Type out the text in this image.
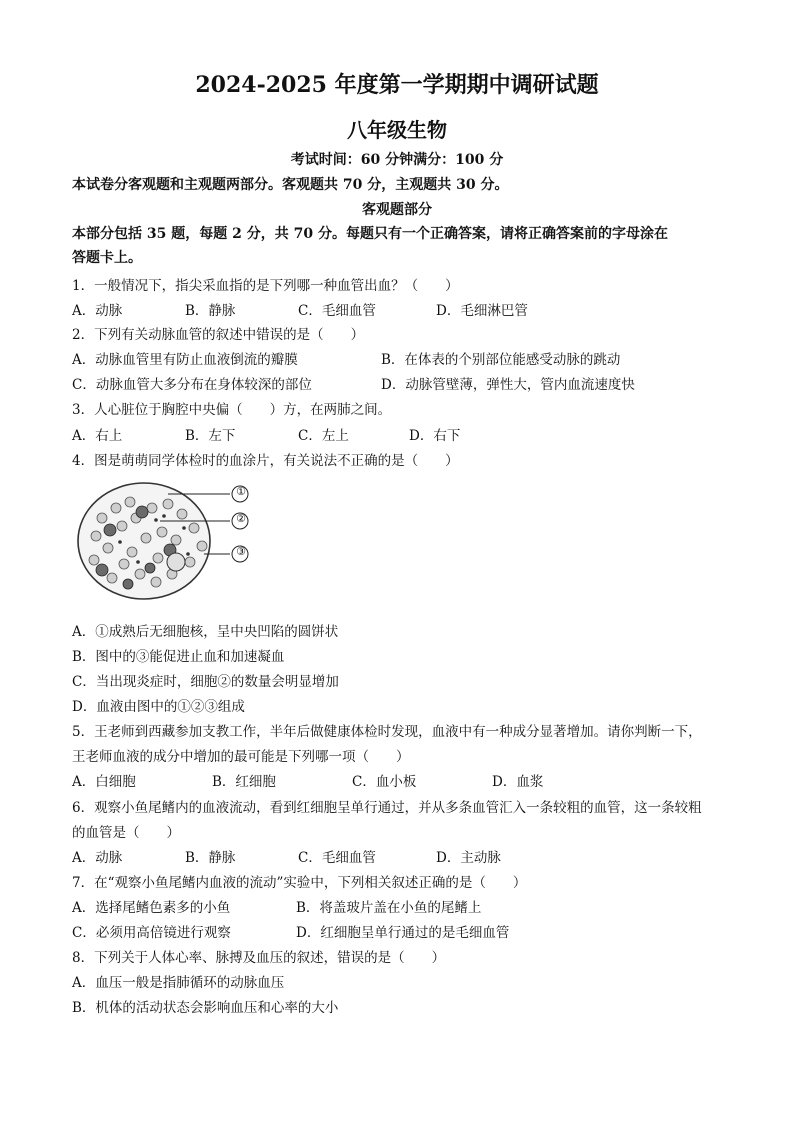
2024-2025 年度第一学期期中调研试题
八年级生物
考试时间：60 分钟满分：100 分
本试卷分客观题和主观题两部分。客观题共 70 分，主观题共 30 分。
客观题部分
本部分包括 35 题，每题 2 分，共 70 分。每题只有一个正确答案，请将正确答案前的字母涂在
答题卡上。
1．一般情况下，指尖采血指的是下列哪一种血管出血？（　　）
A．动脉	B．静脉	C．毛细血管	D．毛细淋巴管
2．下列有关动脉血管的叙述中错误的是（　　）
A．动脉血管里有防止血液倒流的瓣膜	B．在体表的个别部位能感受动脉的跳动
C．动脉血管大多分布在身体较深的部位	D．动脉管壁薄，弹性大，管内血流速度快
3．人心脏位于胸腔中央偏（　　）方，在两肺之间。
A．右上	B．左下	C．左上	D．右下
4．图是萌萌同学体检时的血涂片，有关说法不正确的是（　　）
A．①成熟后无细胞核，呈中央凹陷的圆饼状
B．图中的③能促进止血和加速凝血
C．当出现炎症时，细胞②的数量会明显增加
D．血液由图中的①②③组成
5．王老师到西藏参加支教工作，半年后做健康体检时发现，血液中有一种成分显著增加。请你判断一下，
王老师血液的成分中增加的最可能是下列哪一项（　　）
A．白细胞	B．红细胞	C．血小板	D．血浆
6．观察小鱼尾鳍内的血液流动，看到红细胞呈单行通过，并从多条血管汇入一条较粗的血管，这一条较粗
的血管是（　　）
A．动脉	B．静脉	C．毛细血管	D．主动脉
7．在“观察小鱼尾鳍内血液的流动”实验中，下列相关叙述正确的是（　　）
A．选择尾鳍色素多的小鱼	B．将盖玻片盖在小鱼的尾鳍上
C．必须用高倍镜进行观察	D．红细胞呈单行通过的是毛细血管
8．下列关于人体心率、脉搏及血压的叙述，错误的是（　　）
A．血压一般是指肺循环的动脉血压
B．机体的活动状态会影响血压和心率的大小
①
②
③
